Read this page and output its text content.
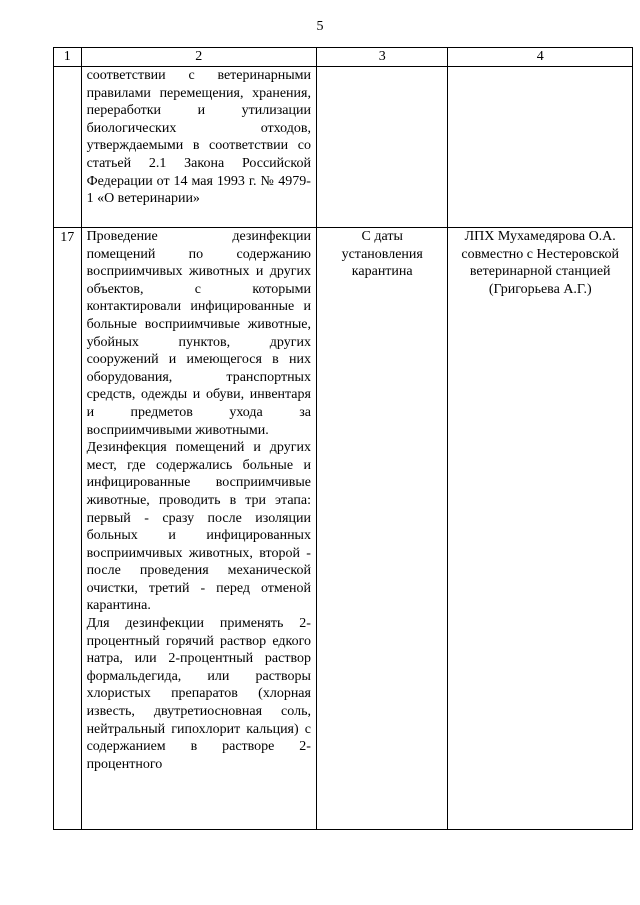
5
1	2	3	4

	соответствии с ветеринарными правилами перемещения, хранения, переработки и утилизации биологических отходов, утверждаемыми в соответствии со статьей 2.1 Закона Российской Федерации от 14 мая 1993 г. № 4979-1 «О ветеринарии»		

17	Проведение дезинфекции помещений по содержанию восприимчивых животных и других объектов, с которыми контактировали инфицированные и больные восприимчивые животные, убойных пунктов, других сооружений и имеющегося в них оборудования, транспортных средств, одежды и обуви, инвентаря и предметов ухода за восприимчивыми животными.

Дезинфекция помещений и других мест, где содержались больные и инфицированные восприимчивые животные, проводить в три этапа: первый - сразу после изоляции больных и инфицированных восприимчивых животных, второй - после проведения механической очистки, третий - перед отменой карантина.

Для дезинфекции применять 2-процентный горячий раствор едкого натра, или 2-процентный раствор формальдегида, или растворы хлористых препаратов (хлорная известь, двутретиосновная соль, нейтральный гипохлорит кальция) с содержанием в растворе 2-процентного	С даты установления карантина	ЛПХ Мухамедярова О.А. совместно с Нестеровской ветеринарной станцией (Григорьева А.Г.)
